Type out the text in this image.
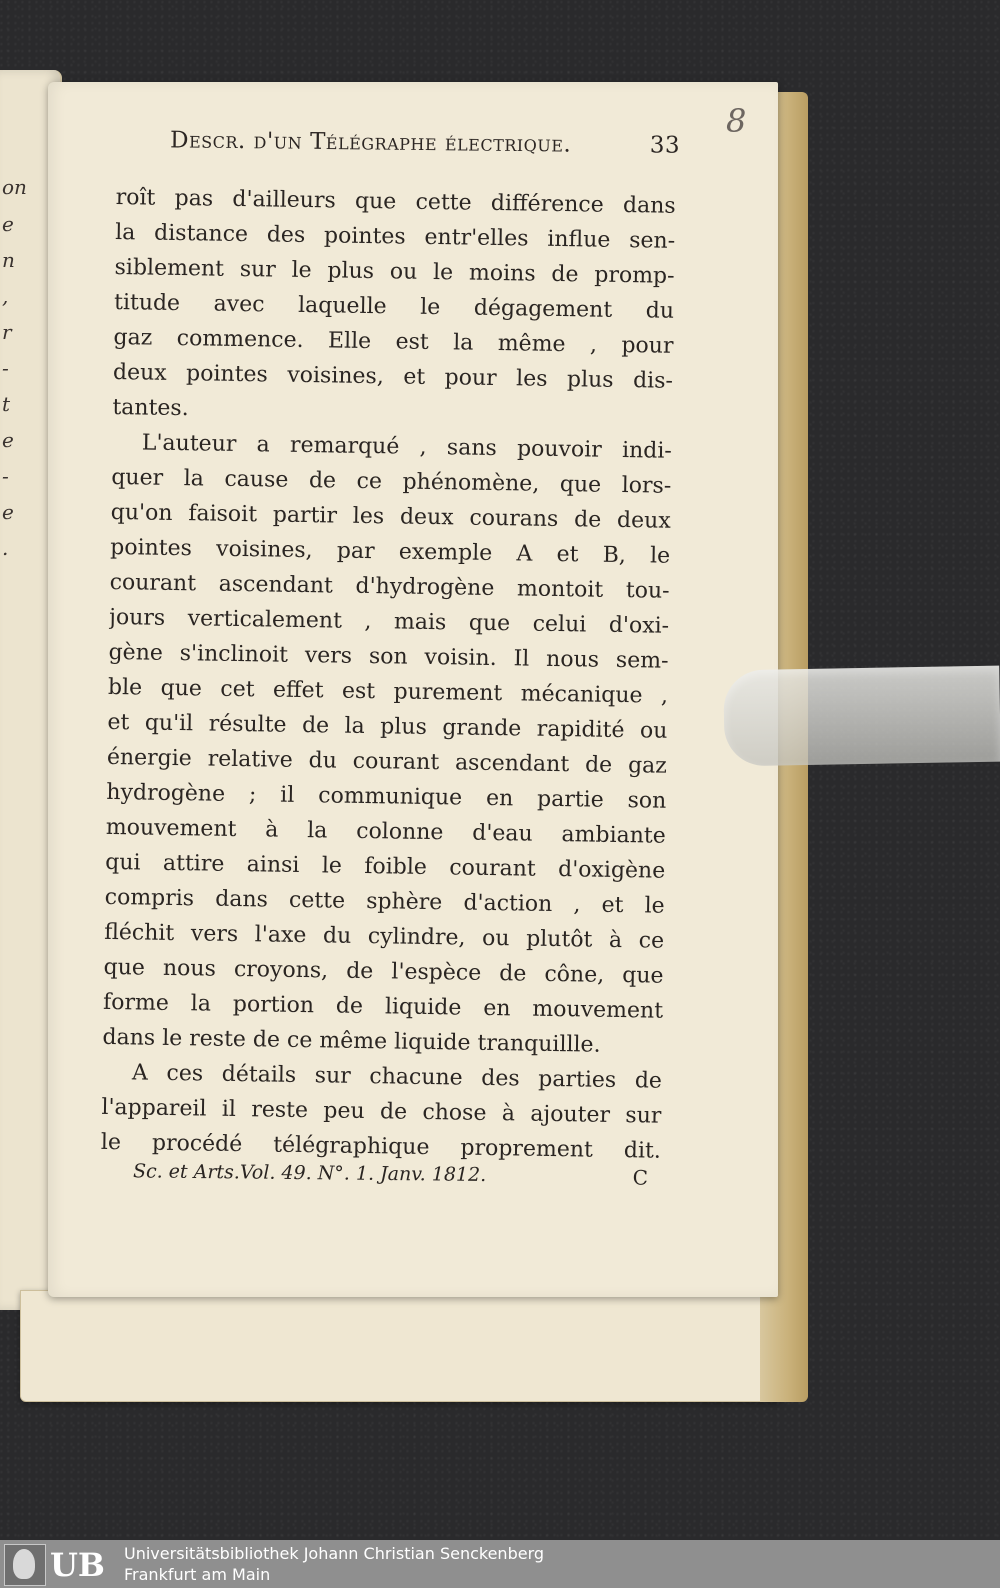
on
e
n
,
r
-
t
e
-
e
.
8
Descr. d'un Télégraphe électrique.	33
roît pas d'ailleurs que cette différence dans
la distance des pointes entr'elles influe sen-
siblement sur le plus ou le moins de promp-
titude avec laquelle le dégagement du
gaz commence. Elle est la même , pour
deux pointes voisines, et pour les plus dis-
tantes.
L'auteur a remarqué , sans pouvoir indi-
quer la cause de ce phénomène, que lors-
qu'on faisoit partir les deux courans de deux
pointes voisines, par exemple A et B, le
courant ascendant d'hydrogène montoit tou-
jours verticalement , mais que celui d'oxi-
gène s'inclinoit vers son voisin. Il nous sem-
ble que cet effet est purement mécanique ,
et qu'il résulte de la plus grande rapidité ou
énergie relative du courant ascendant de gaz
hydrogène ; il communique en partie son
mouvement à la colonne d'eau ambiante
qui attire ainsi le foible courant d'oxigène
compris dans cette sphère d'action , et le
fléchit vers l'axe du cylindre, ou plutôt à ce
que nous croyons, de l'espèce de cône, que
forme la portion de liquide en mouvement
dans le reste de ce même liquide tranquillle.
A ces détails sur chacune des parties de
l'appareil il reste peu de chose à ajouter sur
le procédé télégraphique proprement dit.
Sc. et Arts.Vol. 49. N°. 1. Janv. 1812.	C
UB Universitätsbibliothek Johann Christian Senckenberg
Frankfurt am Main
